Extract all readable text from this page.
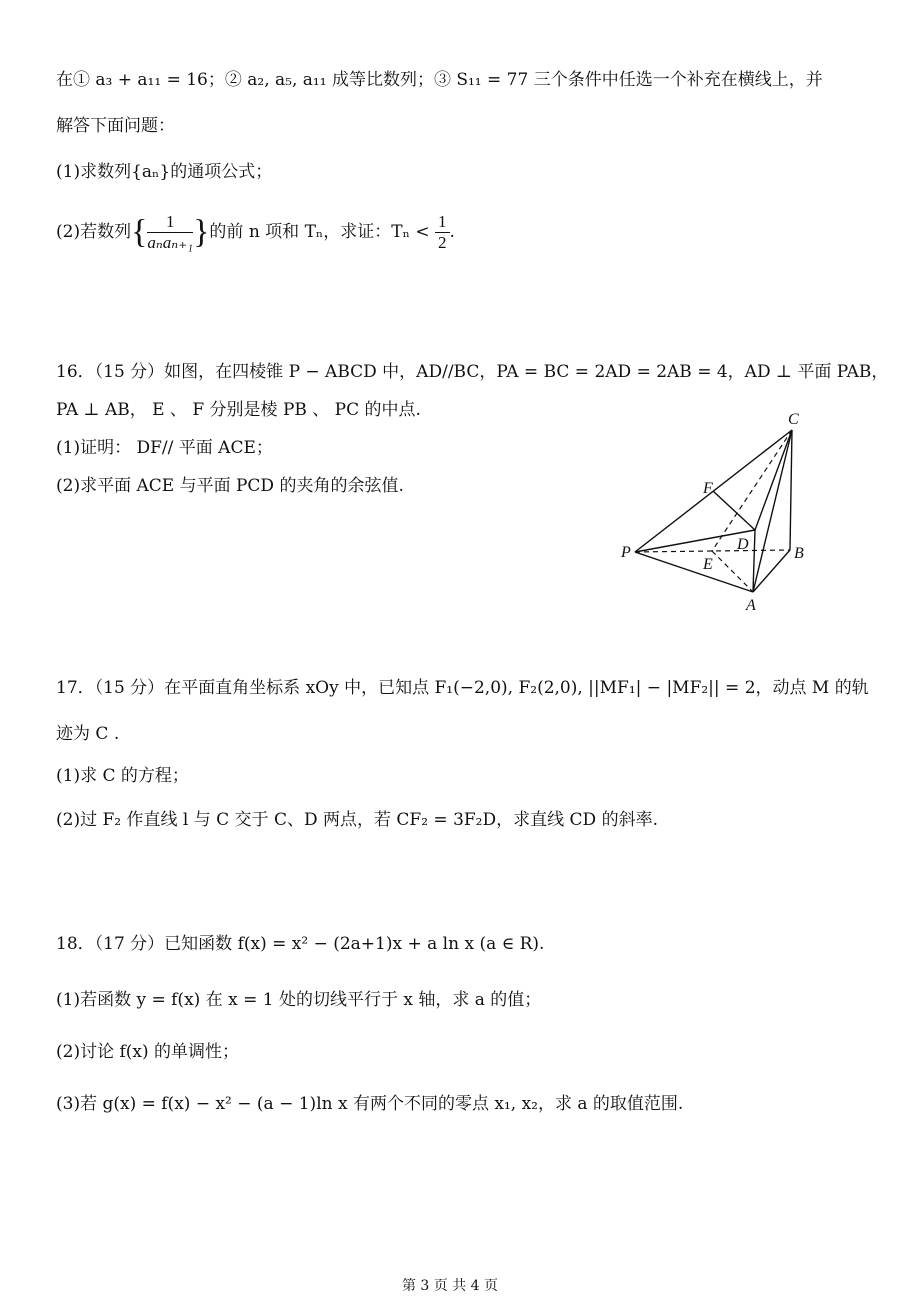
在① a₃ + a₁₁ = 16；② a₂, a₅, a₁₁ 成等比数列；③ S₁₁ = 77 三个条件中任选一个补充在横线上，并
解答下面问题：
(1)求数列{aₙ}的通项公式；
(2)若数列{ $\frac{1}{\text{aₙaₙ₊₁}}$ }的前 n 项和 Tₙ，求证：$T_n < \frac{1}{2}$ .
16．（15 分）如图，在四棱锥 P − ABCD 中，AD//BC，PA = BC = 2AD = 2AB = 4，AD ⊥ 平面 PAB，
PA ⊥ AB， E 、 F 分别是棱 PB 、 PC 的中点.
(1)证明： DF// 平面 ACE；
(2)求平面 ACE 与平面 PCD 的夹角的余弦值.
C
F
D
P	B
E
A
17．（15 分）在平面直角坐标系 xOy 中，已知点 F₁(−2,0), F₂(2,0), ||MF₁| − |MF₂|| = 2，动点 M 的轨
迹为 C .
(1)求 C 的方程；
(2)过 F₂ 作直线 l 与 C 交于 C、D 两点，若 CF₂ = 3F₂D，求直线 CD 的斜率.
18．（17 分）已知函数 f(x) = x² − (2a+1)x + a ln x (a ∈ R).
(1)若函数 y = f(x) 在 x = 1 处的切线平行于 x 轴，求 a 的值；
(2)讨论 f(x) 的单调性；
(3)若 g(x) = f(x) − x² − (a − 1)ln x 有两个不同的零点 x₁, x₂，求 a 的取值范围.
第 3 页 共 4 页
